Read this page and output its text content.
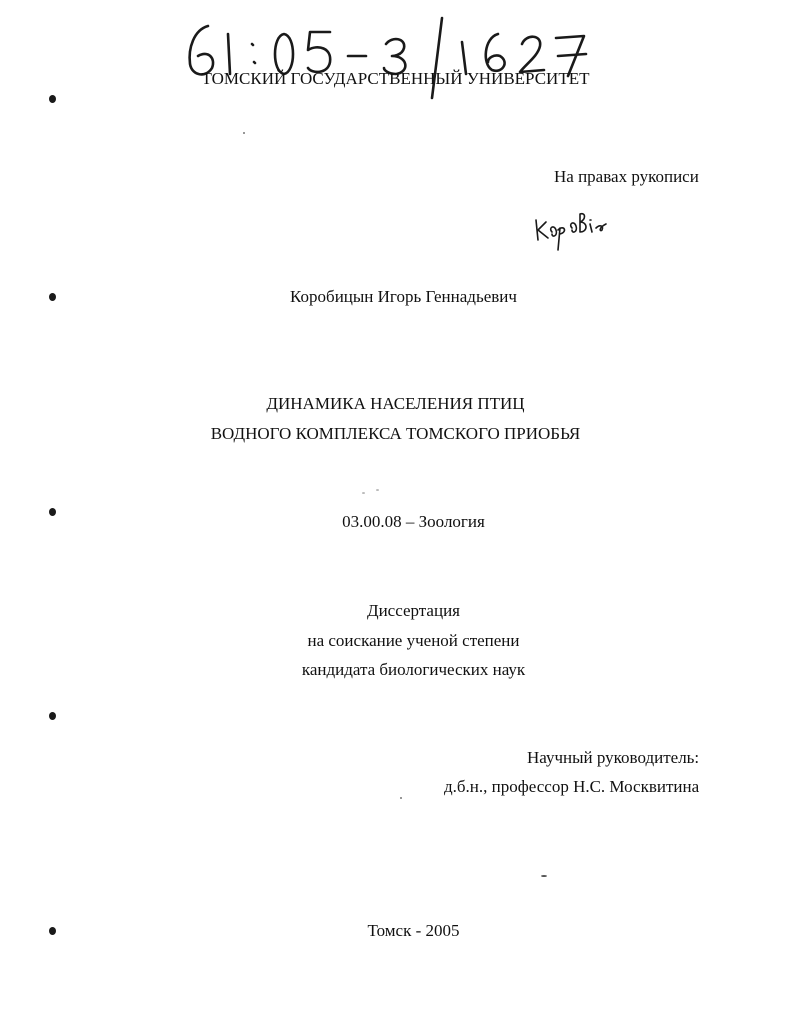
ТОМСКИЙ ГОСУДАРСТВЕННЫЙ УНИВЕРСИТЕТ
На правах рукописи
Коробицын Игорь Геннадьевич
ДИНАМИКА НАСЕЛЕНИЯ ПТИЦ
ВОДНОГО КОМПЛЕКСА ТОМСКОГО ПРИОБЬЯ
03.00.08 – Зоология
Диссертация
на соискание ученой степени
кандидата биологических наук
Научный руководитель:
д.б.н., профессор Н.С. Москвитина
Томск - 2005
